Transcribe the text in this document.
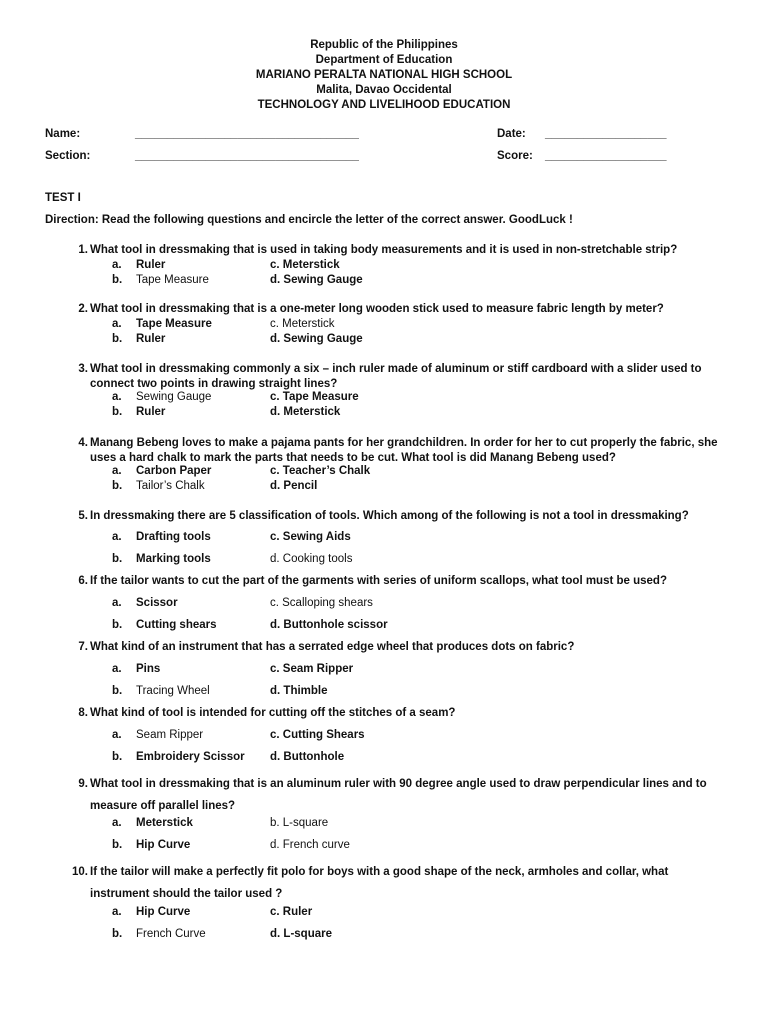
Republic of the Philippines
Department of Education
MARIANO PERALTA NATIONAL HIGH SCHOOL
Malita, Davao Occidental
TECHNOLOGY AND LIVELIHOOD EDUCATION
Name:	___________________________________
Section:	___________________________________
Date: ___________________
Score: ___________________
TEST I
Direction: Read the following questions and encircle the letter of the correct answer. GoodLuck !
1. What tool in dressmaking that is used in taking body measurements and it is used in non-stretchable strip?
a. Ruler
b. Tape Measure
c. Meterstick
d. Sewing Gauge
2. What tool in dressmaking that is a one-meter long wooden stick used to measure fabric length by meter?
a. Tape Measure
b. Ruler
c. Meterstick
d. Sewing Gauge
3. What tool in dressmaking commonly a six – inch ruler made of aluminum or stiff cardboard with a slider used to connect two points in drawing straight lines?
a. Sewing Gauge
b. Ruler
c. Tape Measure
d. Meterstick
4. Manang Bebeng loves to make a pajama pants for her grandchildren. In order for her to cut properly the fabric, she uses a hard chalk to mark the parts that needs to be cut. What tool is did Manang Bebeng used?
a. Carbon Paper
b. Tailor’s Chalk
c. Teacher’s Chalk
d. Pencil
5. In dressmaking there are 5 classification of tools. Which among of the following is not a tool in dressmaking?
a. Drafting tools
b. Marking tools
c. Sewing Aids
d. Cooking tools
6. If the tailor wants to cut the part of the garments with series of uniform scallops, what tool must be used?
a. Scissor
b. Cutting shears
c. Scalloping shears
d. Buttonhole scissor
7. What kind of an instrument that has a serrated edge wheel that produces dots on fabric?
a. Pins
b. Tracing Wheel
c. Seam Ripper
d. Thimble
8. What kind of tool is intended for cutting off the stitches of a seam?
a. Seam Ripper
b. Embroidery Scissor
c. Cutting Shears
d. Buttonhole
9. What tool in dressmaking that is an aluminum ruler with 90 degree angle used to draw perpendicular lines and to measure off parallel lines?
a. Meterstick
b. Hip Curve
b. L-square
d. French curve
10. If the tailor will make a perfectly fit polo for boys with a good shape of the neck, armholes and collar, what instrument should the tailor used ?
a. Hip Curve
b. French Curve
c. Ruler
d. L-square
